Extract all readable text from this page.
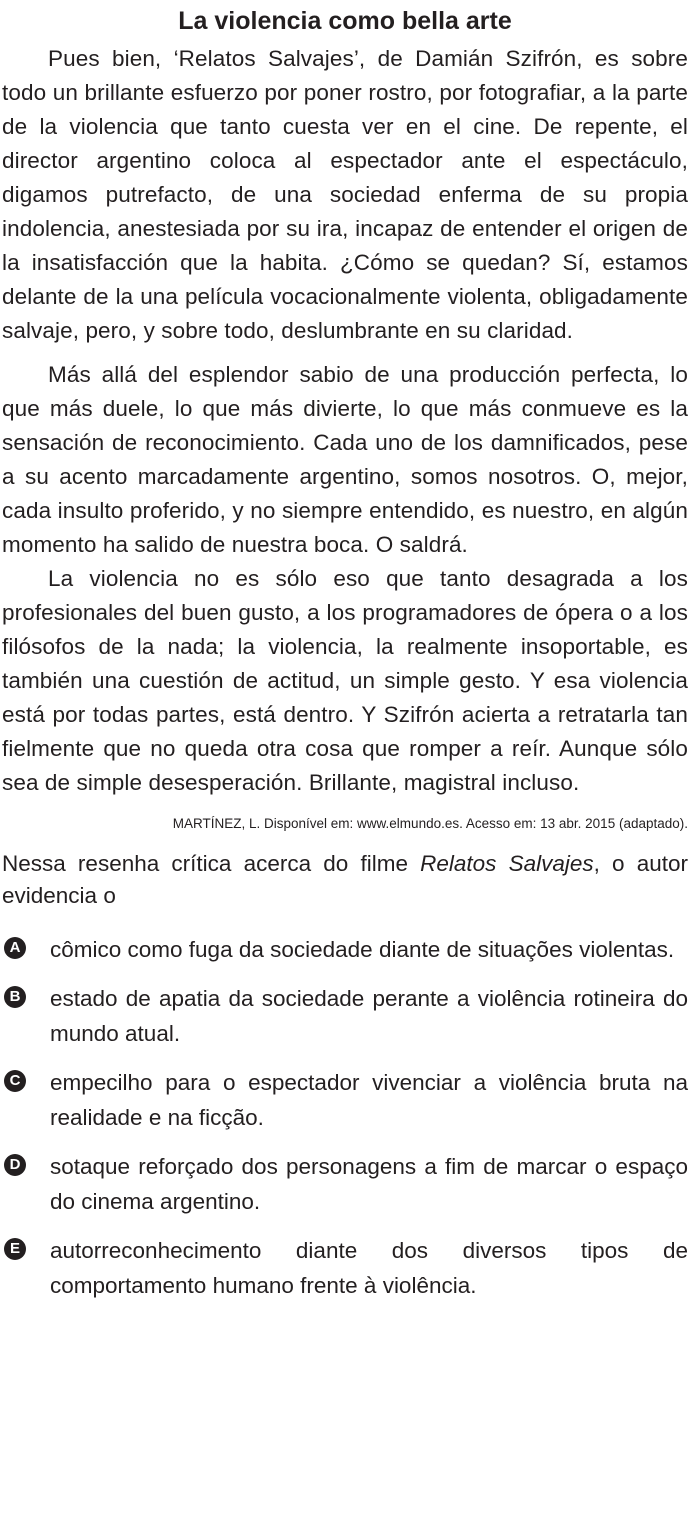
La violencia como bella arte

Pues bien, ‘Relatos Salvajes’, de Damián Szifrón, es sobre todo un brillante esfuerzo por poner rostro, por fotografiar, a la parte de la violencia que tanto cuesta ver en el cine. De repente, el director argentino coloca al espectador ante el espectáculo, digamos putrefacto, de una sociedad enferma de su propia indolencia, anestesiada por su ira, incapaz de entender el origen de la insatisfacción que la habita. ¿Cómo se quedan? Sí, estamos delante de la una película vocacionalmente violenta, obligadamente salvaje, pero, y sobre todo, deslumbrante en su claridad.

Más allá del esplendor sabio de una producción perfecta, lo que más duele, lo que más divierte, lo que más conmueve es la sensación de reconocimiento. Cada uno de los damnificados, pese a su acento marcadamente argentino, somos nosotros. O, mejor, cada insulto proferido, y no siempre entendido, es nuestro, en algún momento ha salido de nuestra boca. O saldrá.

La violencia no es sólo eso que tanto desagrada a los profesionales del buen gusto, a los programadores de ópera o a los filósofos de la nada; la violencia, la realmente insoportable, es también una cuestión de actitud, un simple gesto. Y esa violencia está por todas partes, está dentro. Y Szifrón acierta a retratarla tan fielmente que no queda otra cosa que romper a reír. Aunque sólo sea de simple desesperación. Brillante, magistral incluso.

MARTÍNEZ, L. Disponível em: www.elmundo.es. Acesso em: 13 abr. 2015 (adaptado).
Nessa resenha crítica acerca do filme Relatos Salvajes, o autor evidencia o
A cômico como fuga da sociedade diante de situações violentas.
B estado de apatia da sociedade perante a violência rotineira do mundo atual.
C empecilho para o espectador vivenciar a violência bruta na realidade e na ficção.
D sotaque reforçado dos personagens a fim de marcar o espaço do cinema argentino.
E autorreconhecimento diante dos diversos tipos de comportamento humano frente à violência.
